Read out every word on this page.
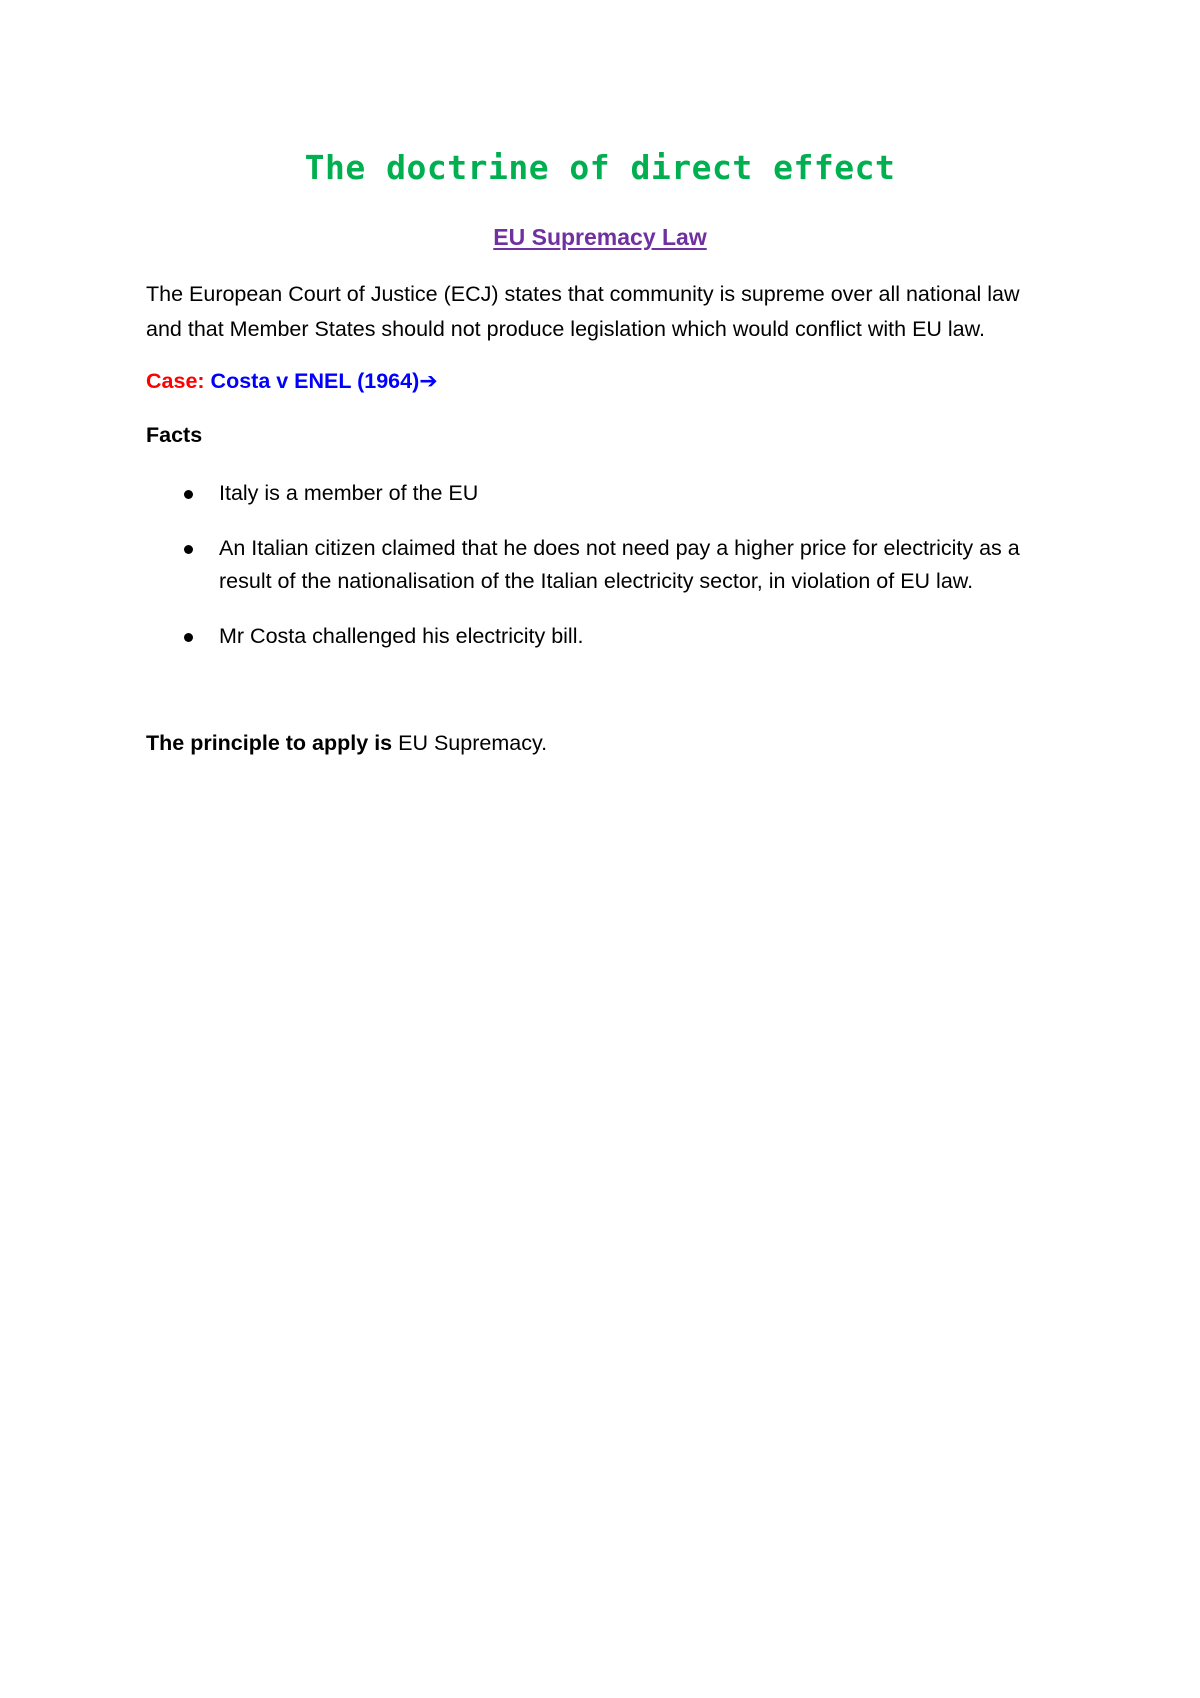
The doctrine of direct effect
EU Supremacy Law

The European Court of Justice (ECJ) states that community is supreme over all national law
and that Member States should not produce legislation which would conflict with EU law.

Case: Costa v ENEL (1964)➔

Facts

Italy is a member of the EU
An Italian citizen claimed that he does not need pay a higher price for electricity as a result of the nationalisation of the Italian electricity sector, in violation of EU law.
Mr Costa challenged his electricity bill.

The principle to apply is EU Supremacy.
